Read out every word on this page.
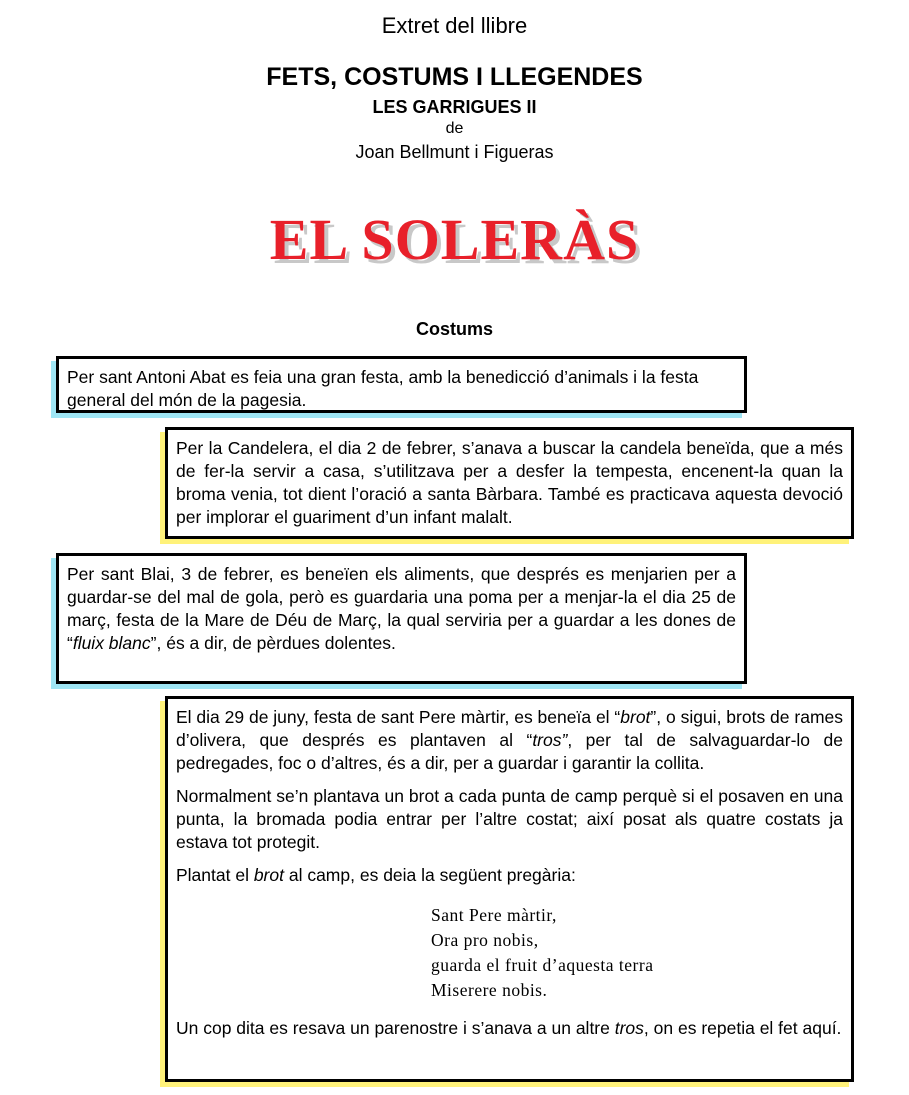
Extret del llibre
FETS, COSTUMS I LLEGENDES
LES GARRIGUES II
de
Joan Bellmunt i Figueras
EL SOLERÀS
Costums

Per sant Antoni Abat es feia una gran festa, amb la benedicció d’animals i la festa general del món de la pagesia.

Per la Candelera, el dia 2 de febrer, s’anava a buscar la candela beneïda, que a més de fer-la servir a casa, s’utilitzava per a desfer la tempesta, encenent-la quan la broma venia, tot dient l’oració a santa Bàrbara. També es practicava aquesta devoció per implorar el guariment d’un infant malalt.

Per sant Blai, 3 de febrer, es beneïen els aliments, que després es menjarien per a guardar-se del mal de gola, però es guardaria una poma per a menjar-la el dia 25 de març, festa de la Mare de Déu de Març, la qual serviria per a guardar a les dones de “fluix blanc”, és a dir, de pèrdues dolentes.

El dia 29 de juny, festa de sant Pere màrtir, es beneïa el “brot”, o sigui, brots de rames d’olivera, que després es plantaven al “tros”, per tal de salvaguardar-lo de pedregades, foc o d’altres, és a dir, per a guardar i garantir la collita.

Normalment se’n plantava un brot a cada punta de camp perquè si el posaven en una punta, la bromada podia entrar per l’altre costat; així posat als quatre costats ja estava tot protegit.

Plantat el brot al camp, es deia la següent pregària:

Sant Pere màrtir,
Ora pro nobis,
guarda el fruit d’aquesta terra
Miserere nobis.

Un cop dita es resava un parenostre i s’anava a un altre tros, on es repetia el fet aquí.
